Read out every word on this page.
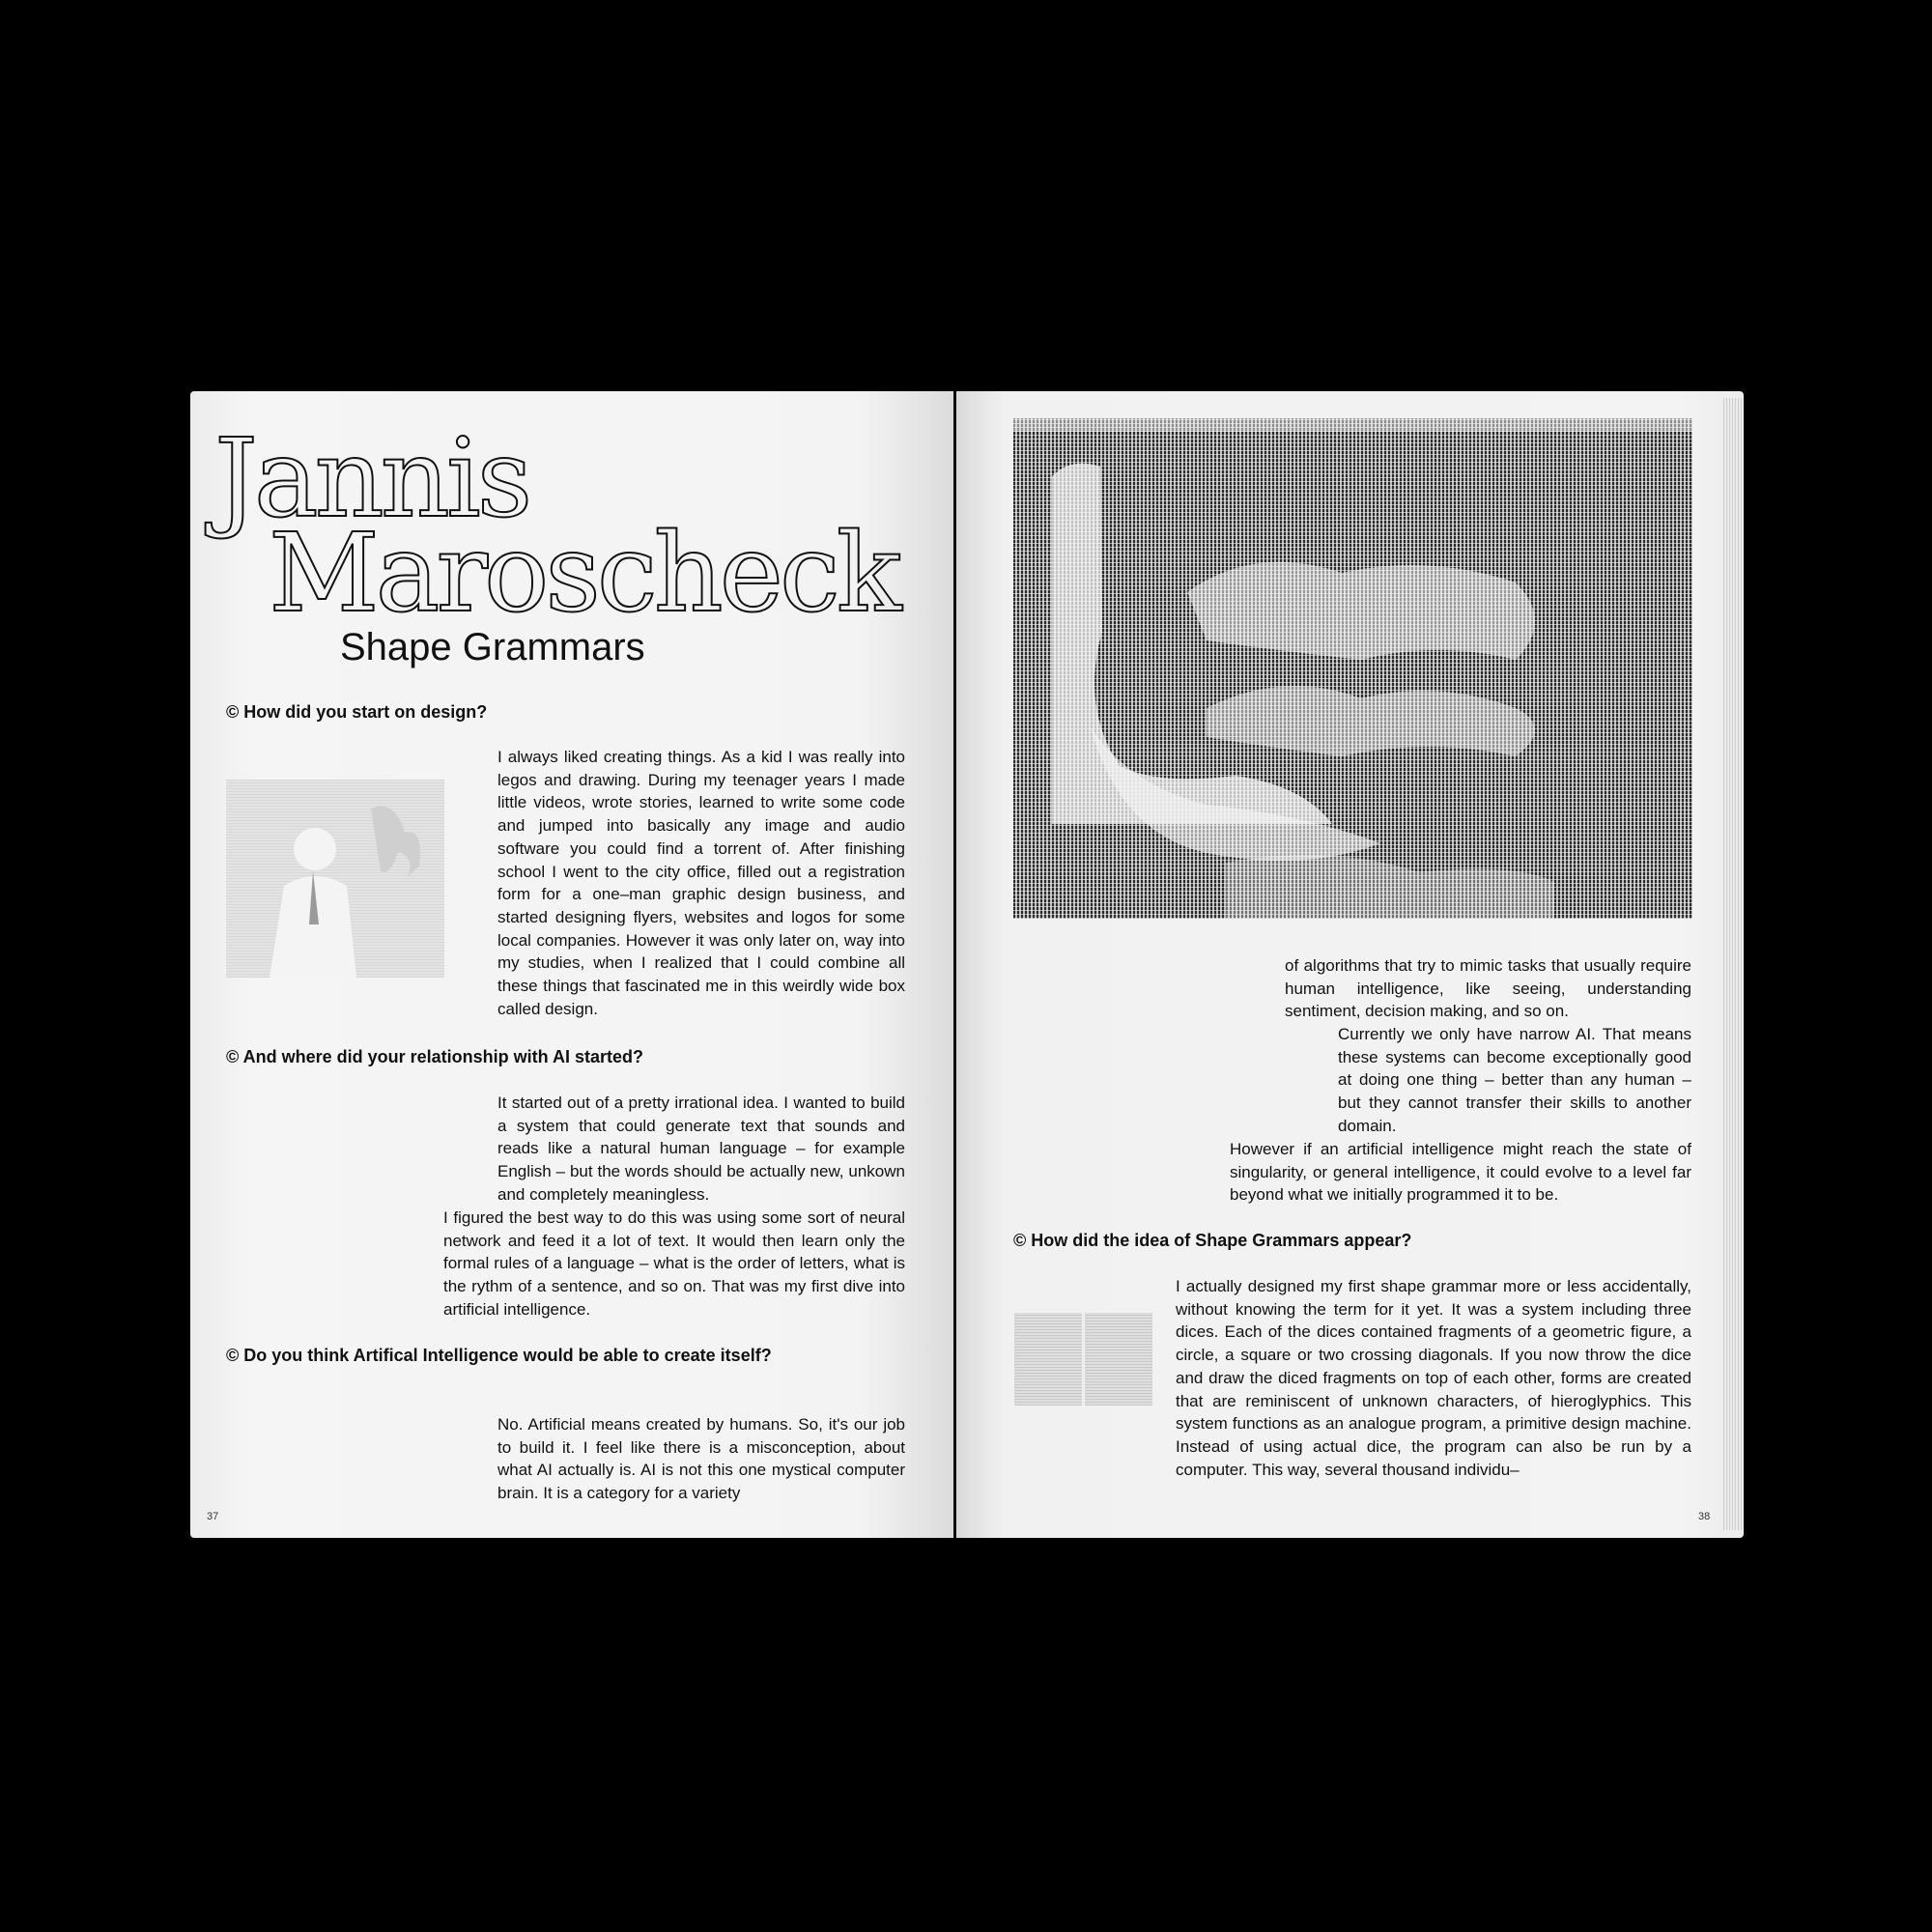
Jannis
Maroscheck
Shape Grammars
© How did you start on design?

I always liked creating things. As a kid I was really into legos and drawing. During my teenager years I made little videos, wrote stories, learned to write some code and jumped into basically any image and audio software you could find a torrent of. After finishing school I went to the city office, filled out a registration form for a one–man graphic design business, and started designing flyers, websites and logos for some local companies. However it was only later on, way into my studies, when I realized that I could combine all these things that fascinated me in this weirdly wide box called design.

© And where did your relationship with AI started?

It started out of a pretty irrational idea. I wanted to build a system that could generate text that sounds and reads like a natural human language – for example English – but the words should be actually new, unkown and completely meaningless.

I figured the best way to do this was using some sort of neural network and feed it a lot of text. It would then learn only the formal rules of a language – what is the order of letters, what is the rythm of a sentence, and so on. That was my first dive into artificial intelligence.

© Do you think Artifical Intelligence would be able to create itself?

No. Artificial means created by humans. So, it's our job to build it. I feel like there is a misconception, about what AI actually is. AI is not this one mystical computer brain. It is a category for a variety

37

of algorithms that try to mimic tasks that usually require human intelligence, like seeing, understanding sentiment, decision making, and so on.

Currently we only have narrow AI. That means these systems can become exceptionally good at doing one thing – better than any human – but they cannot transfer their skills to another domain.

However if an artificial intelligence might reach the state of singularity, or general intelligence, it could evolve to a level far beyond what we initially programmed it to be.

© How did the idea of Shape Grammars appear?

I actually designed my first shape grammar more or less accidentally, without knowing the term for it yet. It was a system including three dices. Each of the dices contained fragments of a geometric figure, a circle, a square or two crossing diagonals. If you now throw the dice and draw the diced fragments on top of each other, forms are created that are reminiscent of unknown characters, of hieroglyphics. This system functions as an analogue program, a primitive design machine. Instead of using actual dice, the program can also be run by a computer. This way, several thousand individu–

38
